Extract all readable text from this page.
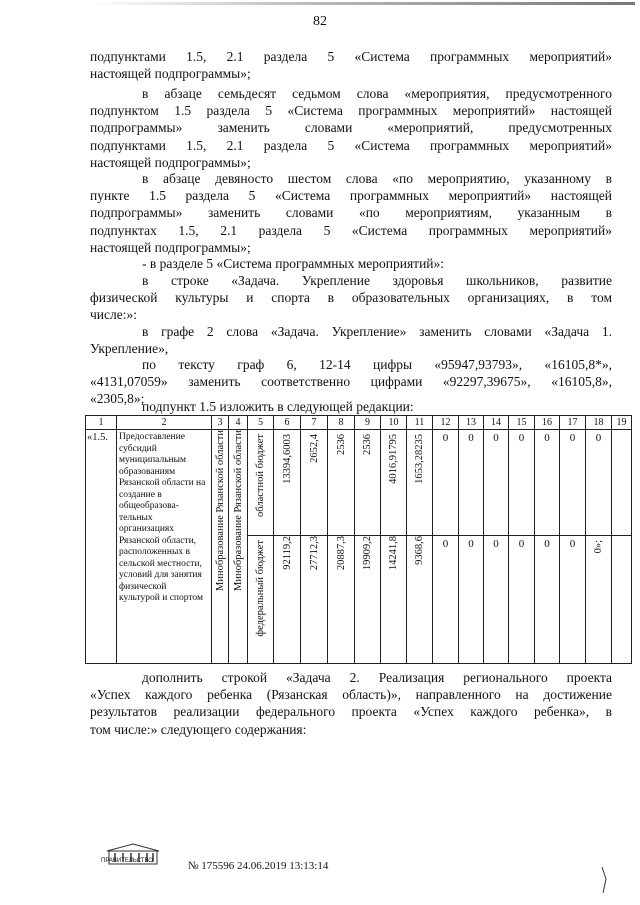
82
подпунктами 1.5, 2.1 раздела 5 «Система программных мероприятий»
настоящей подпрограммы»;
в абзаце семьдесят седьмом слова «мероприятия, предусмотренного
подпунктом 1.5 раздела 5 «Система программных мероприятий» настоящей
подпрограммы» заменить словами «мероприятий, предусмотренных
подпунктами 1.5, 2.1 раздела 5 «Система программных мероприятий»
настоящей подпрограммы»;
в абзаце девяносто шестом слова «по мероприятию, указанному в
пункте 1.5 раздела 5 «Система программных мероприятий» настоящей
подпрограммы» заменить словами «по мероприятиям, указанным в
подпунктах 1.5, 2.1 раздела 5 «Система программных мероприятий»
настоящей подпрограммы»;
- в разделе 5 «Система программных мероприятий»:
в строке «Задача. Укрепление здоровья школьников, развитие
физической культуры и спорта в образовательных организациях, в том
числе:»:
в графе 2 слова «Задача. Укрепление» заменить словами «Задача 1.
Укрепление»,
по тексту граф 6, 12-14 цифры «95947,93793», «16105,8*»,
«4131,07059» заменить соответственно цифрами «92297,39675», «16105,8»,
«2305,8»;
подпункт 1.5 изложить в следующей редакции:
1	2	3	4	5	6	7	8	9	10	11	12	13	14	15	16	17	18	19
«1.5.	Предоставление субсидий муниципальным образованиям Рязанской области на создание в общеобразова-тельных организациях Рязанской области, расположенных в сельской местности, условий для занятия физической культурой и спортом	Минобразование Рязанской области	Минобразование Рязанской области	областной бюджет	13394,6003	2652,4	2536	2536	4016,91795	1653,28235	0	0	0	0	0	0	0	
				федеральный бюджет	92119,2	27712,3	20887,3	19909,2	14241,8	9368,6	0	0	0	0	0	0	0»;	
дополнить строкой «Задача 2. Реализация регионального проекта
«Успех каждого ребенка (Рязанская область)», направленного на достижение
результатов реализации федерального проекта «Успех каждого ребенка», в
том числе:» следующего содержания:
ПРАВИТЕЛЬСТВО	№ 175596 24.06.2019 13:13:14
